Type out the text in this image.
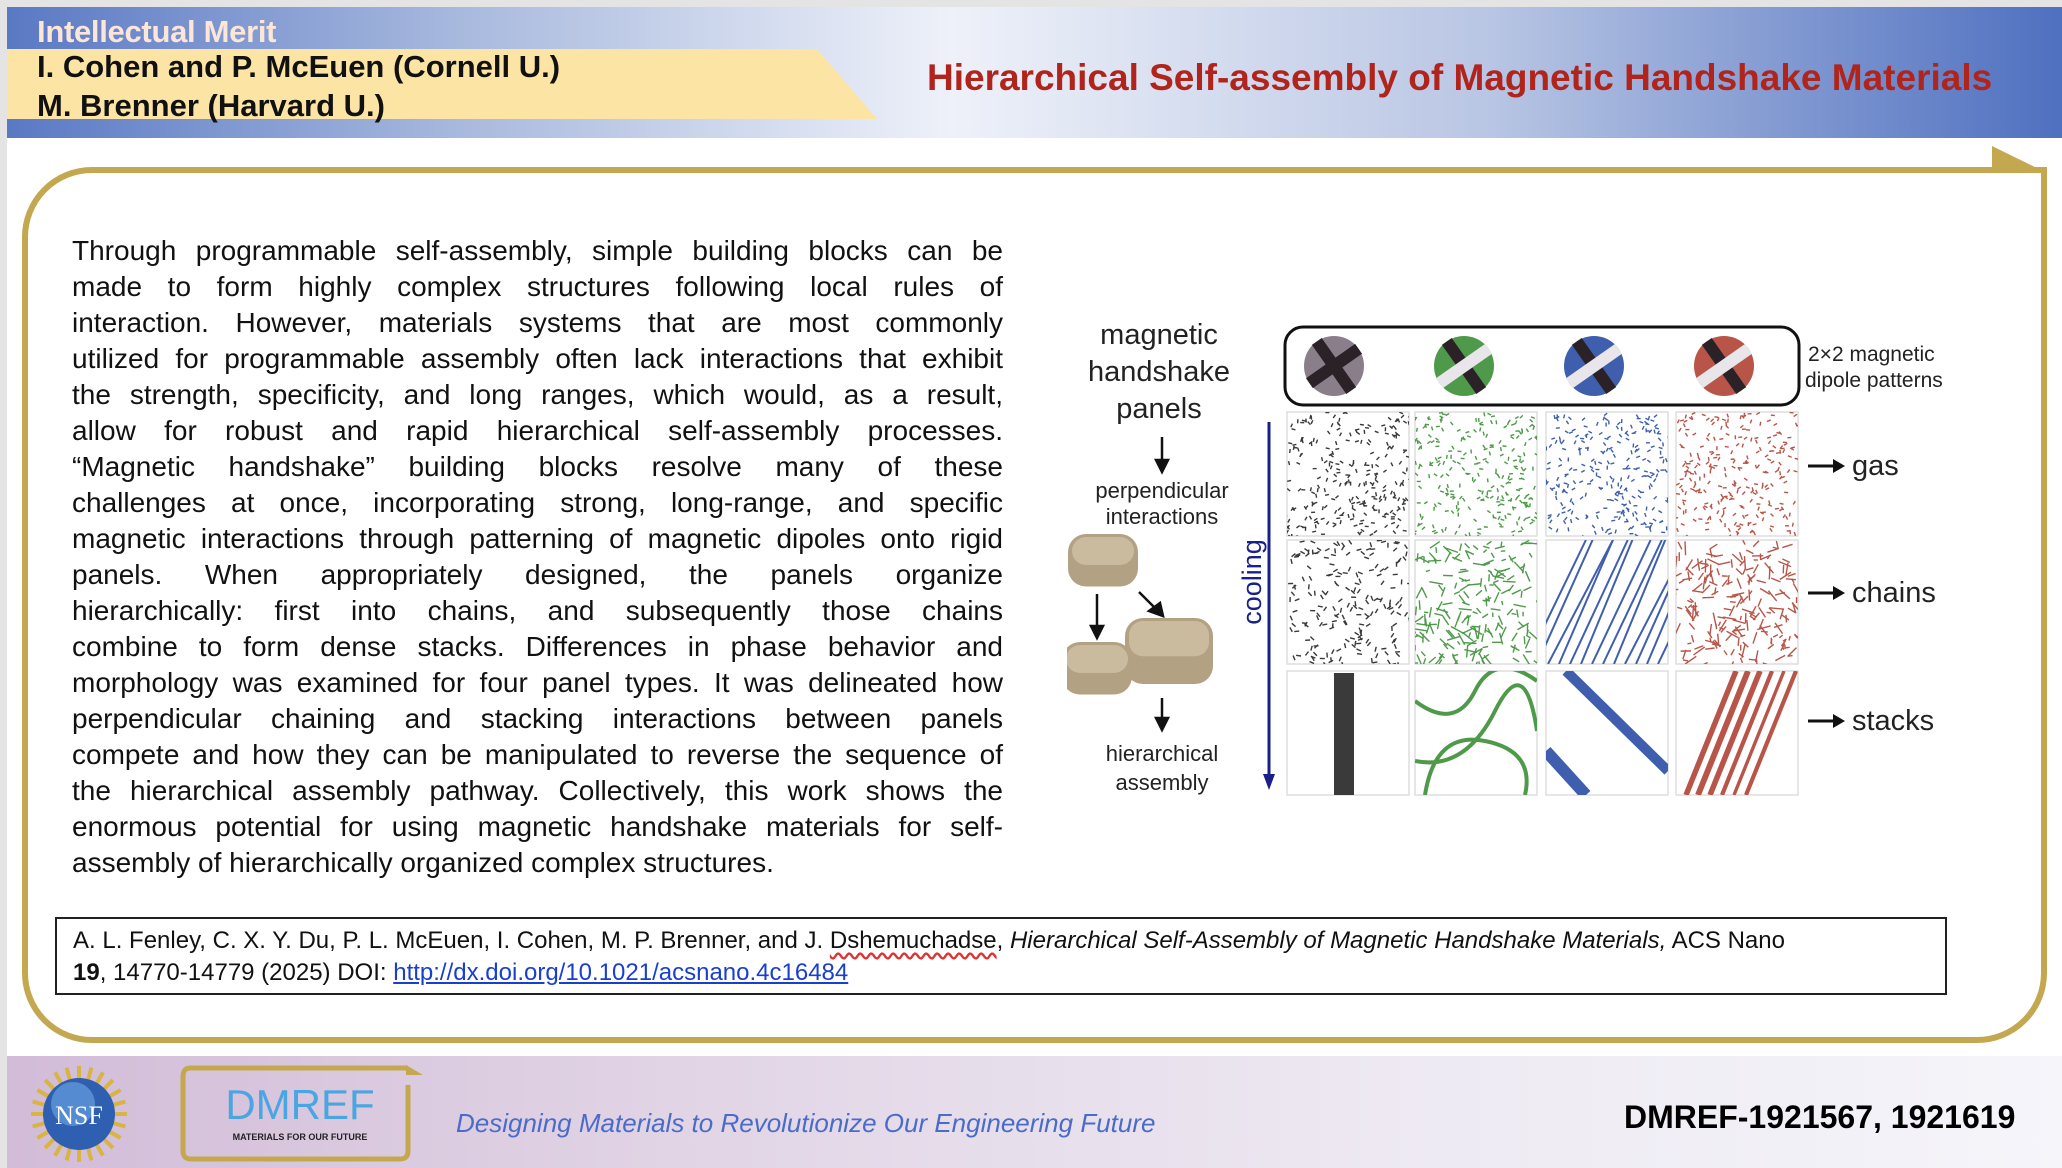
Intellectual Merit
I. Cohen and P. McEuen (Cornell U.)
M. Brenner (Harvard U.)
Hierarchical Self-assembly of Magnetic Handshake Materials
Through programmable self-assembly, simple building blocks can be
made to form highly complex structures following local rules of
interaction. However, materials systems that are most commonly
utilized for programmable assembly often lack interactions that exhibit
the strength, specificity, and long ranges, which would, as a result,
allow for robust and rapid hierarchical self-assembly processes.
“Magnetic handshake” building blocks resolve many of these
challenges at once, incorporating strong, long-range, and specific
magnetic interactions through patterning of magnetic dipoles onto rigid
panels. When appropriately designed, the panels organize
hierarchically: first into chains, and subsequently those chains
combine to form dense stacks. Differences in phase behavior and
morphology was examined for four panel types. It was delineated how
perpendicular chaining and stacking interactions between panels
compete and how they can be manipulated to reverse the sequence of
the hierarchical assembly pathway. Collectively, this work shows the
enormous potential for using magnetic handshake materials for self-
assembly of hierarchically organized complex structures.
magnetic
handshake
panels
perpendicular
interactions
hierarchical
assembly
cooling
2×2 magnetic
dipole patterns
gas
chains
stacks
A. L. Fenley, C. X. Y. Du, P. L. McEuen, I. Cohen, M. P. Brenner, and J. Dshemuchadse, Hierarchical Self-Assembly of Magnetic Handshake Materials, ACS Nano
19, 14770-14779 (2025) DOI: http://dx.doi.org/10.1021/acsnano.4c16484
NSF	DMREF
MATERIALS FOR OUR FUTURE	Designing Materials to Revolutionize Our Engineering Future	DMREF-1921567, 1921619
